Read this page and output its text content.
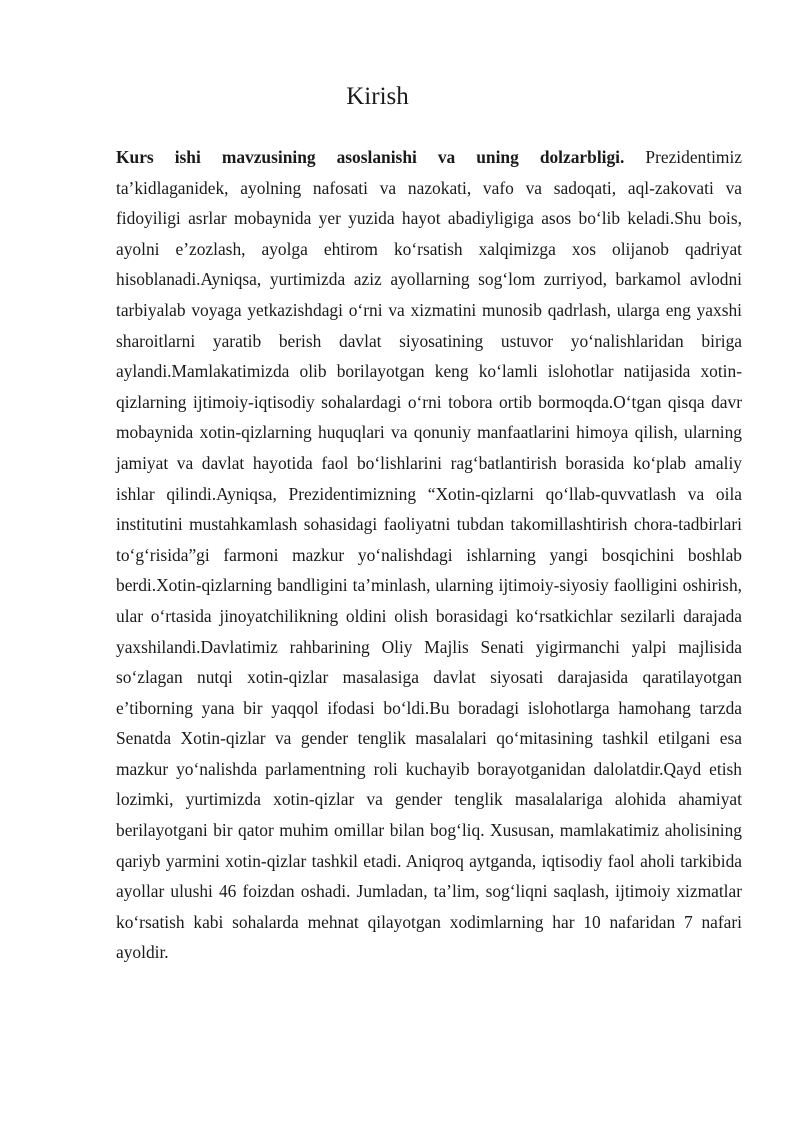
Kirish

Kurs ishi mavzusining asoslanishi va uning dolzarbligi. Prezidentimiz ta’kidlaganidek, ayolning nafosati va nazokati, vafo va sadoqati, aql-zakovati va fidoyiligi asrlar mobaynida yer yuzida hayot abadiyligiga asos bo‘lib keladi.Shu bois, ayolni e’zozlash, ayolga ehtirom ko‘rsatish xalqimizga xos olijanob qadriyat hisoblanadi.Ayniqsa, yurtimizda aziz ayollarning sog‘lom zurriyod, barkamol avlodni tarbiyalab voyaga yetkazishdagi o‘rni va xizmatini munosib qadrlash, ularga eng yaxshi sharoitlarni yaratib berish davlat siyosatining ustuvor yo‘nalishlaridan biriga aylandi.Mamlakatimizda olib borilayotgan keng ko‘lamli islohotlar natijasida xotin-qizlarning ijtimoiy-iqtisodiy sohalardagi o‘rni tobora ortib bormoqda.O‘tgan qisqa davr mobaynida xotin-qizlarning huquqlari va qonuniy manfaatlarini himoya qilish, ularning jamiyat va davlat hayotida faol bo‘lishlarini rag‘batlantirish borasida ko‘plab amaliy ishlar qilindi.Ayniqsa, Prezidentimizning “Xotin-qizlarni qo‘llab-quvvatlash va oila institutini mustahkamlash sohasidagi faoliyatni tubdan takomillashtirish chora-tadbirlari to‘g‘risida”gi farmoni mazkur yo‘nalishdagi ishlarning yangi bosqichini boshlab berdi.Xotin-qizlarning bandligini ta’minlash, ularning ijtimoiy-siyosiy faolligini oshirish, ular o‘rtasida jinoyatchilikning oldini olish borasidagi ko‘rsatkichlar sezilarli darajada yaxshilandi.Davlatimiz rahbarining Oliy Majlis Senati yigirmanchi yalpi majlisida so‘zlagan nutqi xotin-qizlar masalasiga davlat siyosati darajasida qaratilayotgan e’tiborning yana bir yaqqol ifodasi bo‘ldi.Bu boradagi islohotlarga hamohang tarzda Senatda Xotin-qizlar va gender tenglik masalalari qo‘mitasining tashkil etilgani esa mazkur yo‘nalishda parlamentning roli kuchayib borayotganidan dalolatdir.Qayd etish lozimki, yurtimizda xotin-qizlar va gender tenglik masalalariga alohida ahamiyat berilayotgani bir qator muhim omillar bilan bog‘liq. Xususan, mamlakatimiz aholisining qariyb yarmini xotin-qizlar tashkil etadi. Aniqroq aytganda, iqtisodiy faol aholi tarkibida ayollar ulushi 46 foizdan oshadi. Jumladan, ta’lim, sog‘liqni saqlash, ijtimoiy xizmatlar ko‘rsatish kabi sohalarda mehnat qilayotgan xodimlarning har 10 nafaridan 7 nafari ayoldir.
